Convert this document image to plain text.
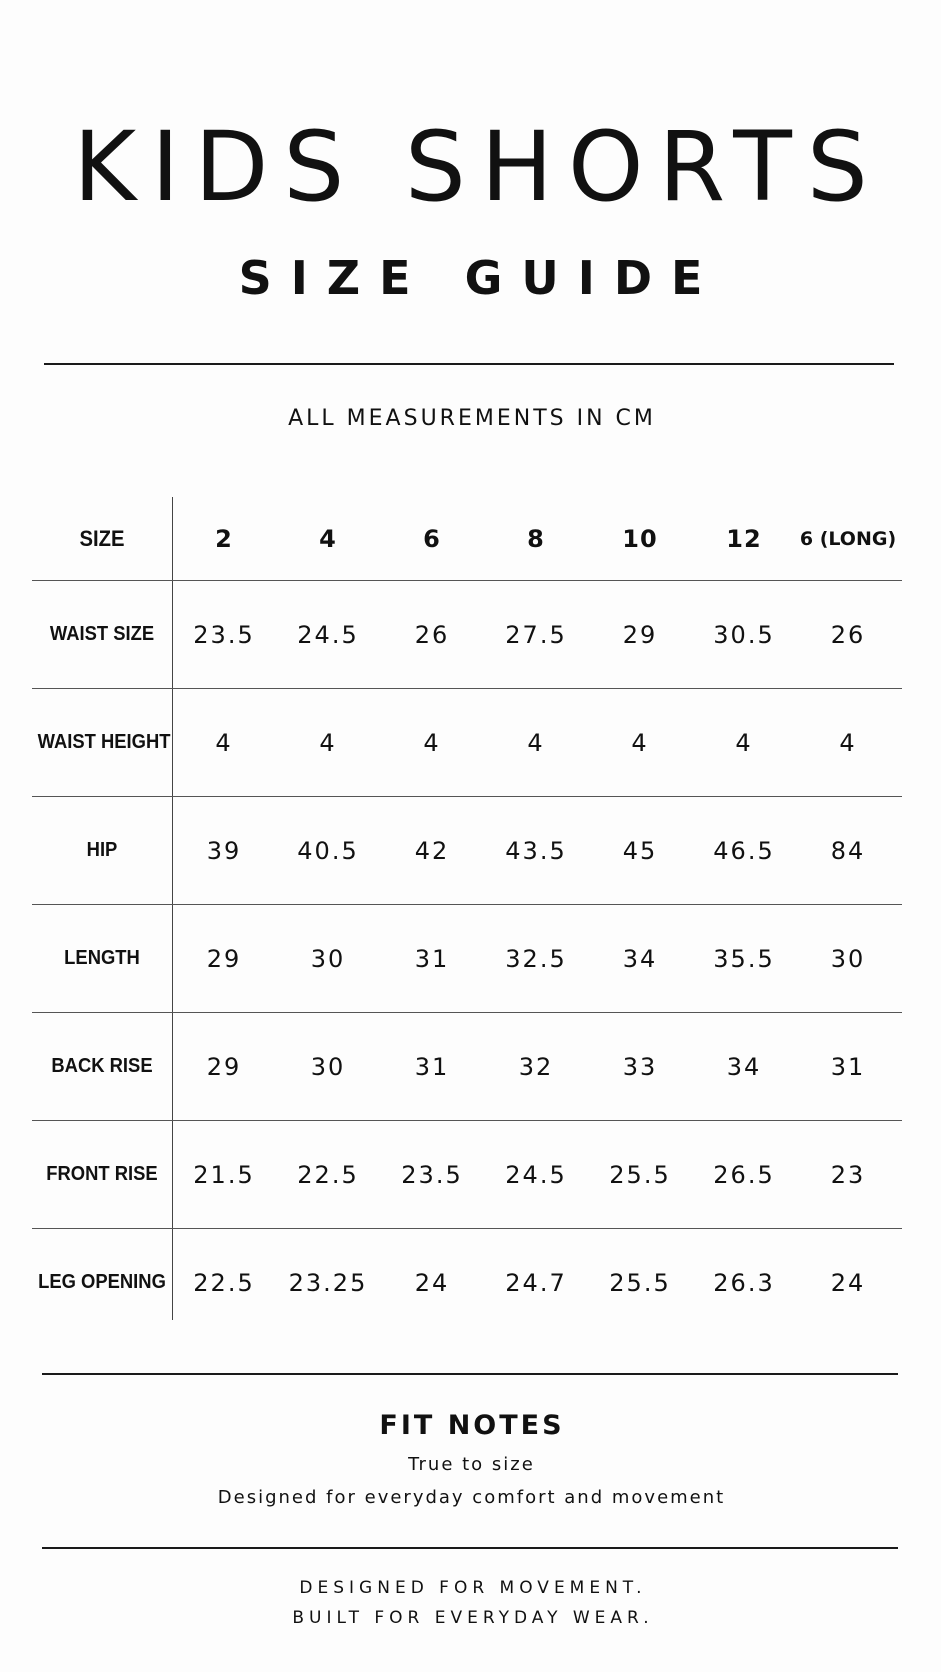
KIDS SHORTS
SIZE GUIDE
ALL MEASUREMENTS IN CM
SIZE	2	4	6	8	10	12	6 (LONG)
WAIST SIZE	23.5	24.5	26	27.5	29	30.5	26
WAIST HEIGHT	4	4	4	4	4	4	4
HIP	39	40.5	42	43.5	45	46.5	84
LENGTH	29	30	31	32.5	34	35.5	30
BACK RISE	29	30	31	32	33	34	31
FRONT RISE	21.5	22.5	23.5	24.5	25.5	26.5	23
LEG OPENING	22.5	23.25	24	24.7	25.5	26.3	24
FIT NOTES
True to size
Designed for everyday comfort and movement
DESIGNED FOR MOVEMENT.
BUILT FOR EVERYDAY WEAR.
